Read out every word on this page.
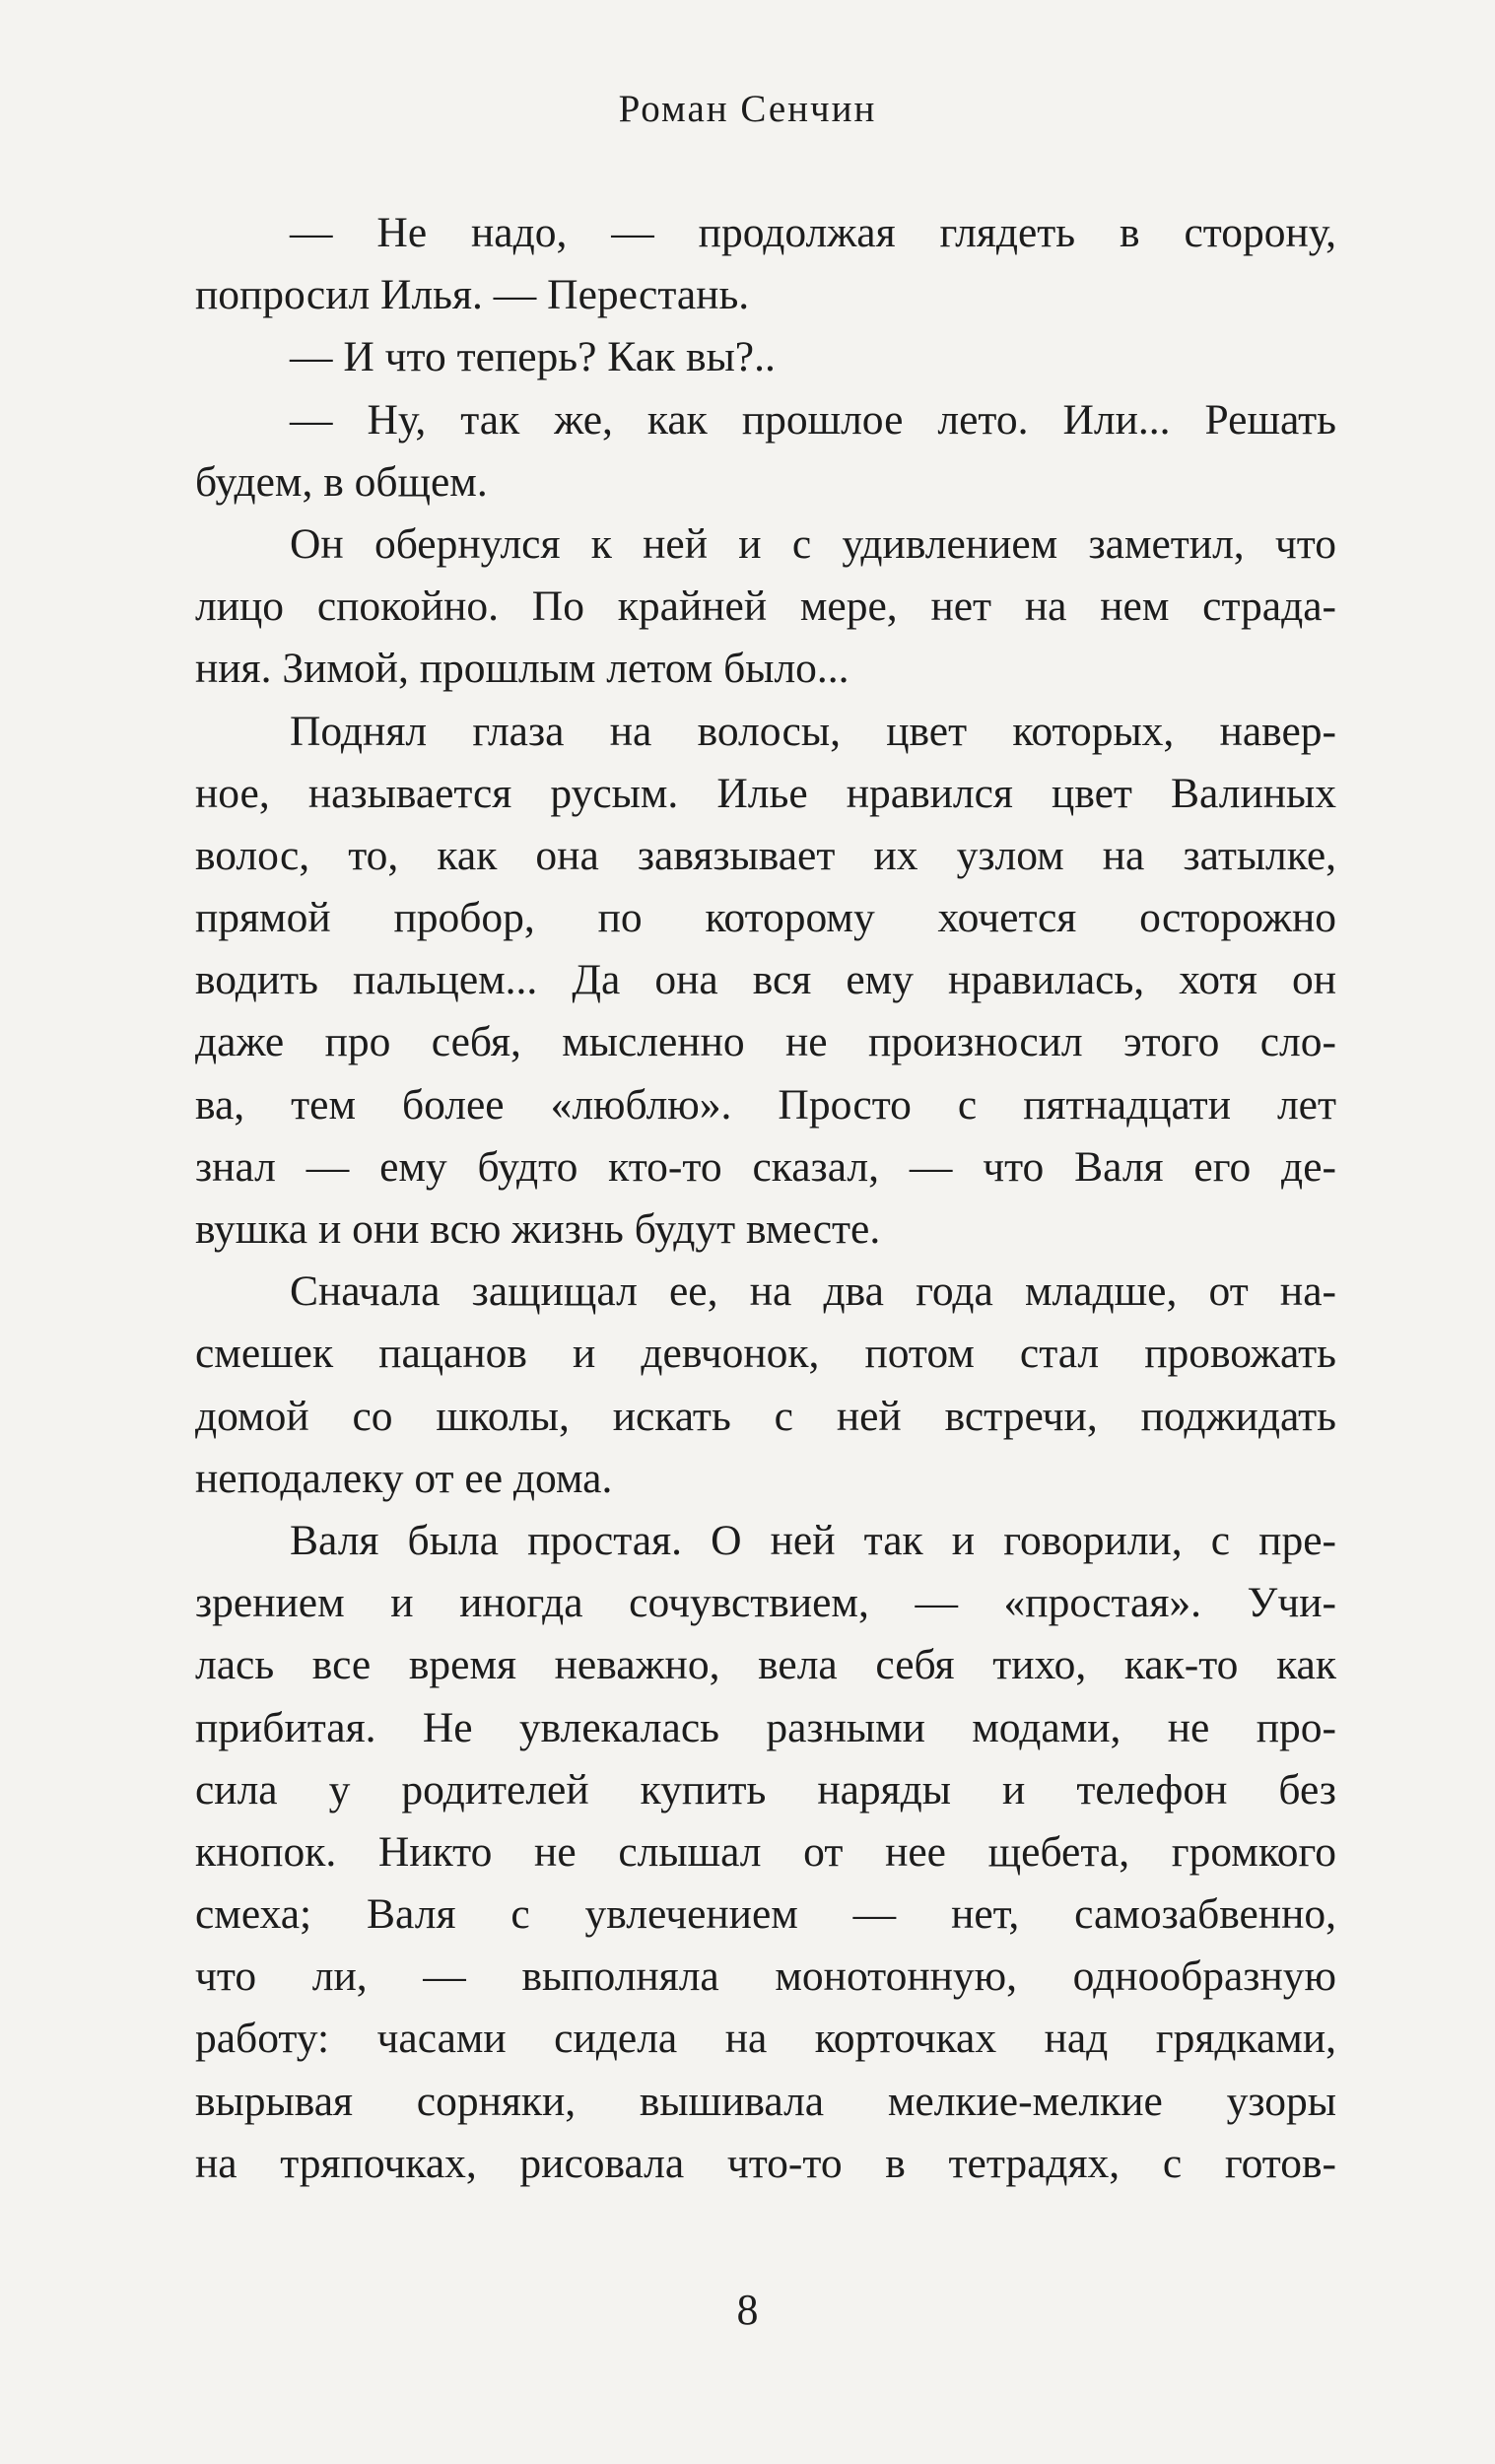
Роман Сенчин
— Не надо, — продолжая глядеть в сторону,
попросил Илья. — Перестань.
— И что теперь? Как вы?..
— Ну, так же, как прошлое лето. Или... Решать
будем, в общем.
Он обернулся к ней и с удивлением заметил, что
лицо спокойно. По крайней мере, нет на нем страда-
ния. Зимой, прошлым летом было...
Поднял глаза на волосы, цвет которых, навер-
ное, называется русым. Илье нравился цвет Валиных
волос, то, как она завязывает их узлом на затылке,
прямой пробор, по которому хочется осторожно
водить пальцем... Да она вся ему нравилась, хотя он
даже про себя, мысленно не произносил этого сло-
ва, тем более «люблю». Просто с пятнадцати лет
знал — ему будто кто-то сказал, — что Валя его де-
вушка и они всю жизнь будут вместе.
Сначала защищал ее, на два года младше, от на-
смешек пацанов и девчонок, потом стал провожать
домой со школы, искать с ней встречи, поджидать
неподалеку от ее дома.
Валя была простая. О ней так и говорили, с пре-
зрением и иногда сочувствием, — «простая». Учи-
лась все время неважно, вела себя тихо, как-то как
прибитая. Не увлекалась разными модами, не про-
сила у родителей купить наряды и телефон без
кнопок. Никто не слышал от нее щебета, громкого
смеха; Валя с увлечением — нет, самозабвенно,
что ли, — выполняла монотонную, однообразную
работу: часами сидела на корточках над грядками,
вырывая сорняки, вышивала мелкие-мелкие узоры
на тряпочках, рисовала что-то в тетрадях, с готов-
8
